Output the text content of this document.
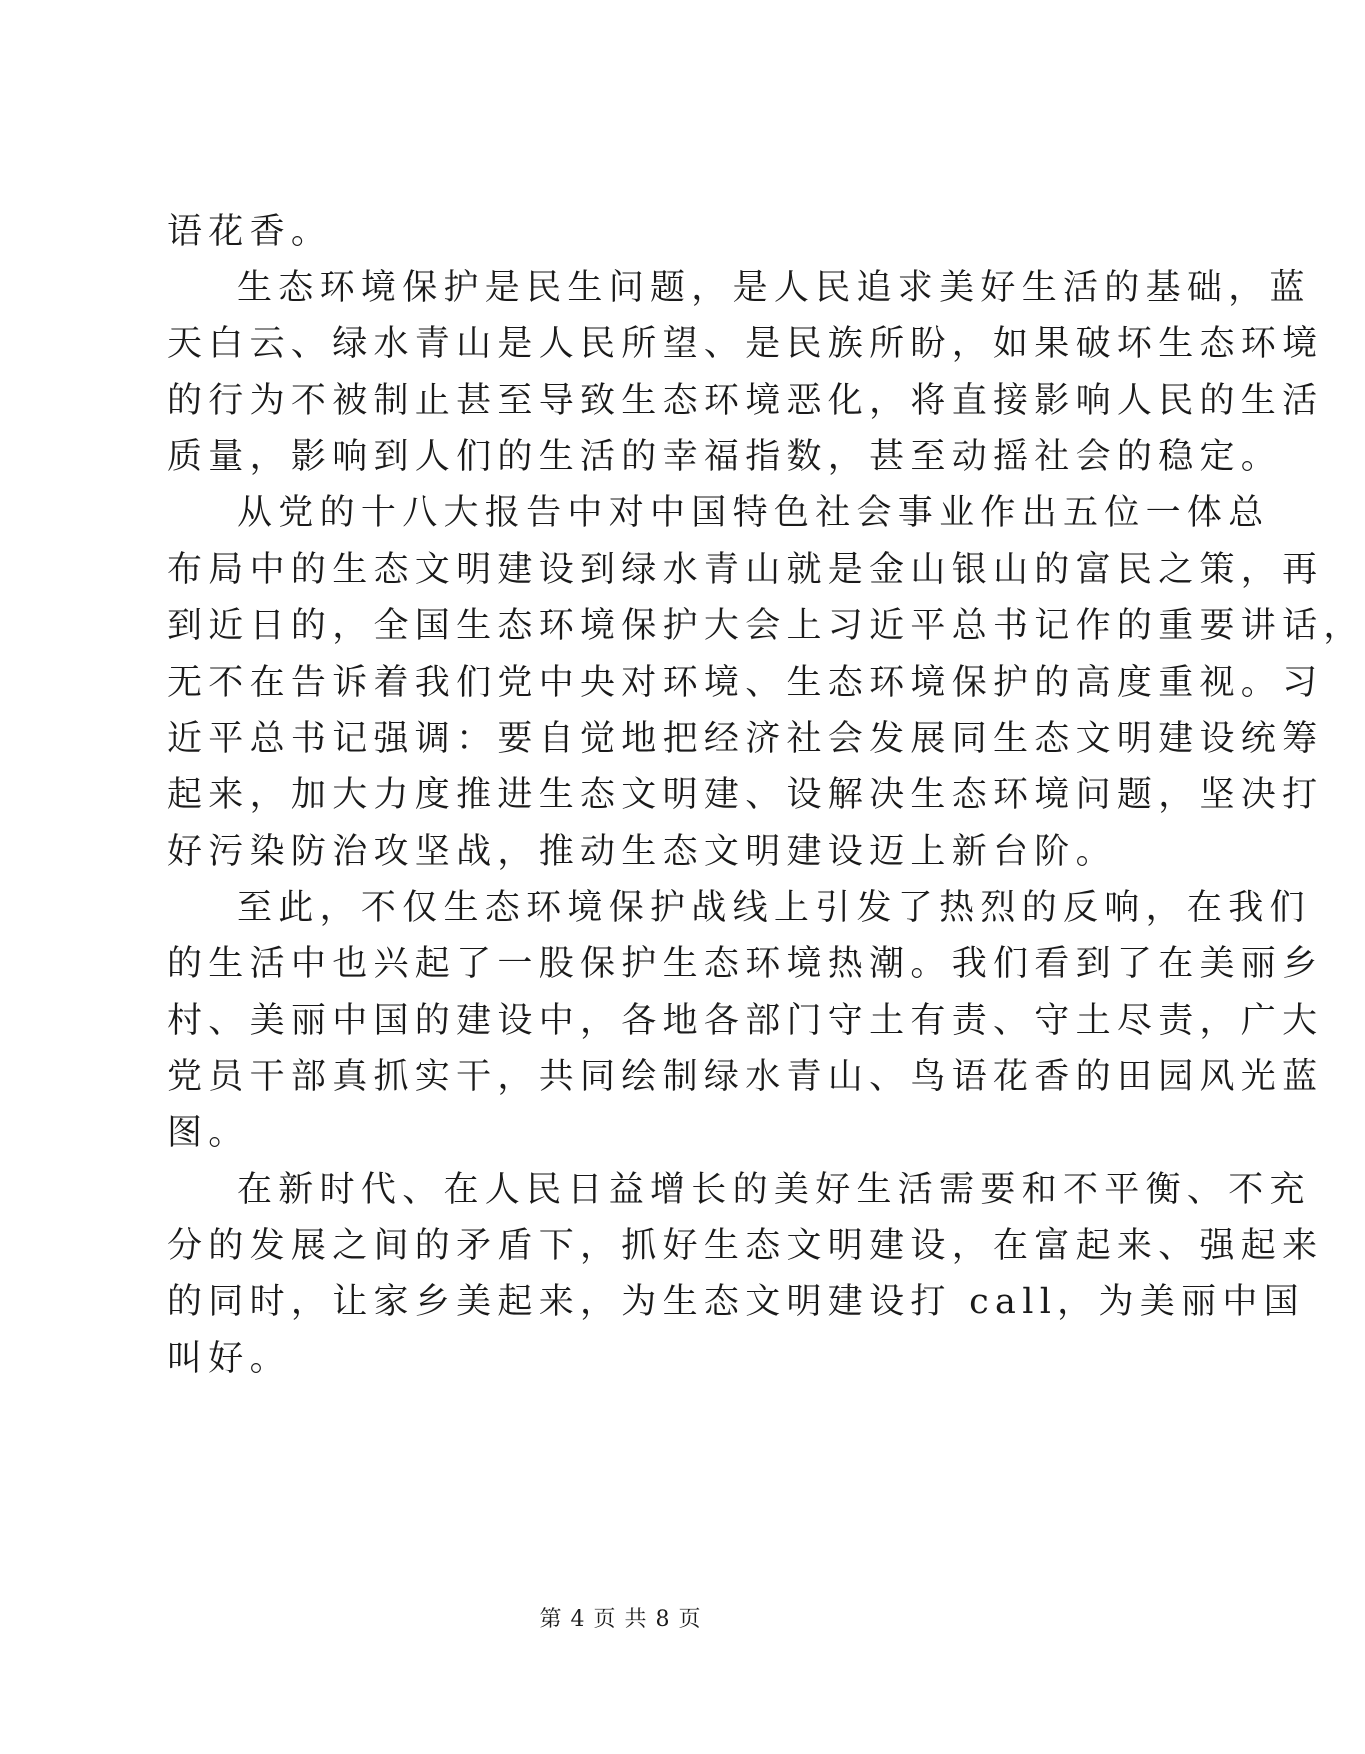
语花香。
生态环境保护是民生问题，是人民追求美好生活的基础，蓝
天白云、绿水青山是人民所望、是民族所盼，如果破坏生态环境
的行为不被制止甚至导致生态环境恶化，将直接影响人民的生活
质量，影响到人们的生活的幸福指数，甚至动摇社会的稳定。
从党的十八大报告中对中国特色社会事业作出五位一体总
布局中的生态文明建设到绿水青山就是金山银山的富民之策，再
到近日的，全国生态环境保护大会上习近平总书记作的重要讲话，
无不在告诉着我们党中央对环境、生态环境保护的高度重视。习
近平总书记强调：要自觉地把经济社会发展同生态文明建设统筹
起来，加大力度推进生态文明建、设解决生态环境问题，坚决打
好污染防治攻坚战，推动生态文明建设迈上新台阶。
至此，不仅生态环境保护战线上引发了热烈的反响，在我们
的生活中也兴起了一股保护生态环境热潮。我们看到了在美丽乡
村、美丽中国的建设中，各地各部门守土有责、守土尽责，广大
党员干部真抓实干，共同绘制绿水青山、鸟语花香的田园风光蓝
图。
在新时代、在人民日益增长的美好生活需要和不平衡、不充
分的发展之间的矛盾下，抓好生态文明建设，在富起来、强起来
的同时，让家乡美起来，为生态文明建设打 call，为美丽中国
叫好。
第 4 页 共 8 页
